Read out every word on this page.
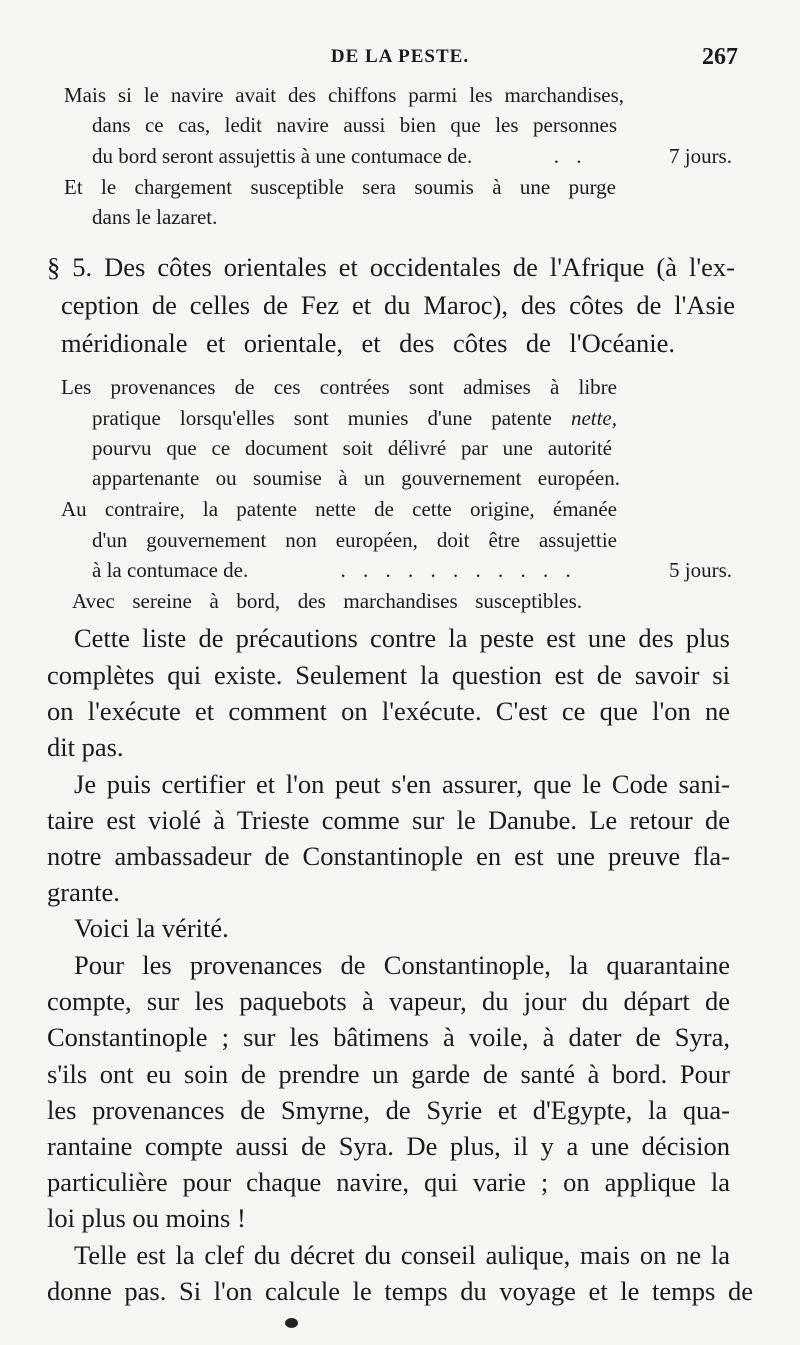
DE LA PESTE.	267
Mais si le navire avait des chiffons parmi les marchandises,
dans ce cas, ledit navire aussi bien que les personnes
du bord seront assujettis à une contumace de.	. .	7 jours.
Et le chargement susceptible sera soumis à une purge
dans le lazaret.
§ 5. Des côtes orientales et occidentales de l'Afrique (à l'ex-
ception de celles de Fez et du Maroc), des côtes de l'Asie
méridionale et orientale, et des côtes de l'Océanie.
Les provenances de ces contrées sont admises à libre
pratique lorsqu'elles sont munies d'une patente nette,
pourvu que ce document soit délivré par une autorité
appartenante ou soumise à un gouvernement européen.
Au contraire, la patente nette de cette origine, émanée
d'un gouvernement non européen, doit être assujettie
à la contumace de.	. . . . . . . . . . .	5 jours.
Avec sereine à bord, des marchandises susceptibles.
Cette liste de précautions contre la peste est une des plus
complètes qui existe. Seulement la question est de savoir si
on l'exécute et comment on l'exécute. C'est ce que l'on ne
dit pas.
Je puis certifier et l'on peut s'en assurer, que le Code sani-
taire est violé à Trieste comme sur le Danube. Le retour de
notre ambassadeur de Constantinople en est une preuve fla-
grante.
Voici la vérité.
Pour les provenances de Constantinople, la quarantaine
compte, sur les paquebots à vapeur, du jour du départ de
Constantinople ; sur les bâtimens à voile, à dater de Syra,
s'ils ont eu soin de prendre un garde de santé à bord. Pour
les provenances de Smyrne, de Syrie et d'Egypte, la qua-
rantaine compte aussi de Syra. De plus, il y a une décision
particulière pour chaque navire, qui varie ; on applique la
loi plus ou moins !
Telle est la clef du décret du conseil aulique, mais on ne la
donne pas. Si l'on calcule le temps du voyage et le temps de
